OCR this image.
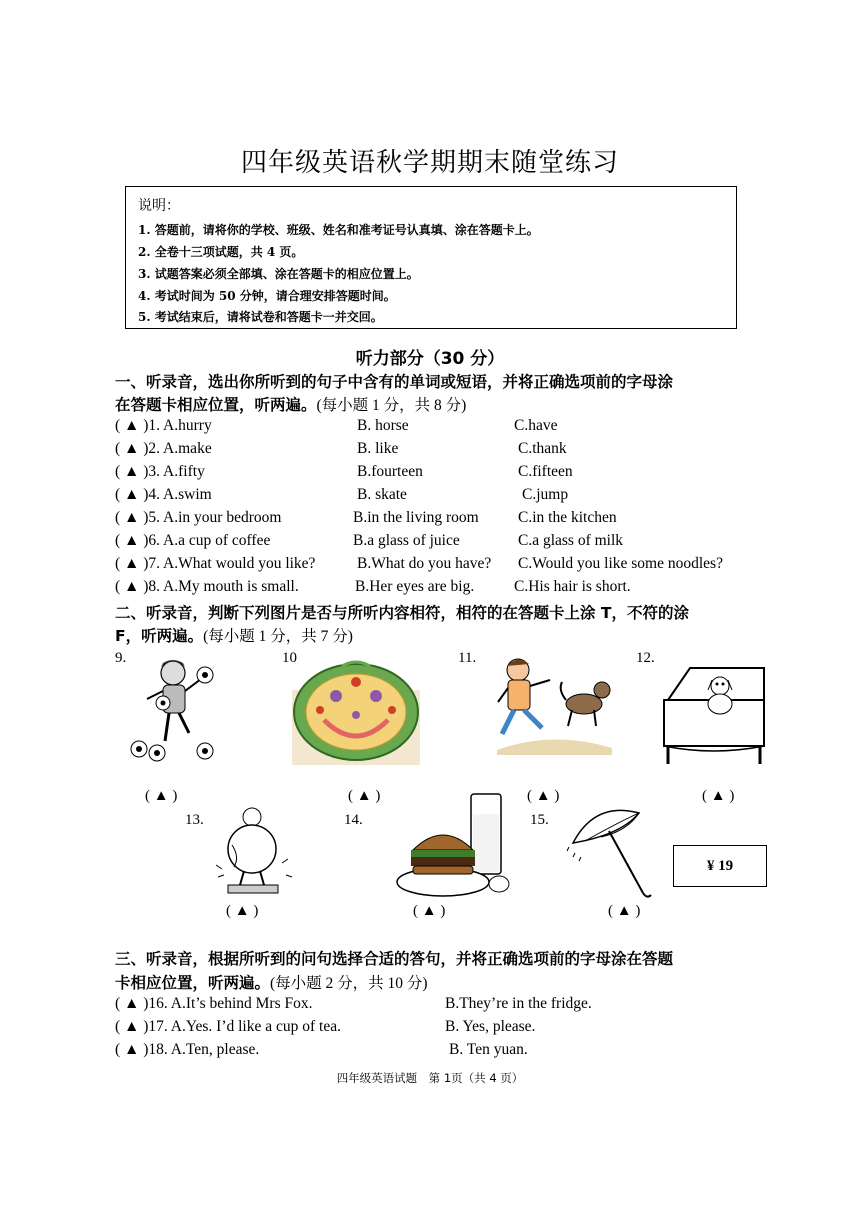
四年级英语秋学期期末随堂练习
说明：
1. 答题前，请将你的学校、班级、姓名和准考证号认真填、涂在答题卡上。
2. 全卷十三项试题，共 4 页。
3. 试题答案必须全部填、涂在答题卡的相应位置上。
4. 考试时间为 50 分钟，请合理安排答题时间。
5. 考试结束后，请将试卷和答题卡一并交回。
听力部分（30 分）
一、听录音，选出你所听到的句子中含有的单词或短语，并将正确选项前的字母涂
在答题卡相应位置，听两遍。(每小题 1 分，共 8 分)
( ▲ )1. A.hurry	B. horse	C.have
( ▲ )2. A.make	B. like	C.thank
( ▲ )3. A.fifty	B.fourteen	C.fifteen
( ▲ )4. A.swim	B. skate	C.jump
( ▲ )5. A.in your bedroom	B.in the living room	C.in the kitchen
( ▲ )6. A.a cup of coffee	B.a glass of juice	C.a glass of milk
( ▲ )7. A.What would you like?	B.What do you have? C.Would you like some noodles?
( ▲ )8. A.My mouth is small.	B.Her eyes are big.	C.His hair is short.
二、听录音，判断下列图片是否与所听内容相符，相符的在答题卡上涂 T，不符的涂
F，听两遍。(每小题 1 分，共 7 分)
9.	10	11.	12.
13.	14.	15.
¥ 19
( ▲ )	( ▲ )	( ▲ )	( ▲ )
( ▲ )	( ▲ )	( ▲ )
三、听录音，根据所听到的问句选择合适的答句，并将正确选项前的字母涂在答题
卡相应位置，听两遍。(每小题 2 分，共 10 分)
( ▲ )16. A.It’s behind Mrs Fox.	B.They’re in the fridge.
( ▲ )17. A.Yes. I’d like a cup of tea.	B. Yes, please.
( ▲ )18. A.Ten, please.	B. Ten yuan.
四年级英语试题　第 1页（共 4 页）
